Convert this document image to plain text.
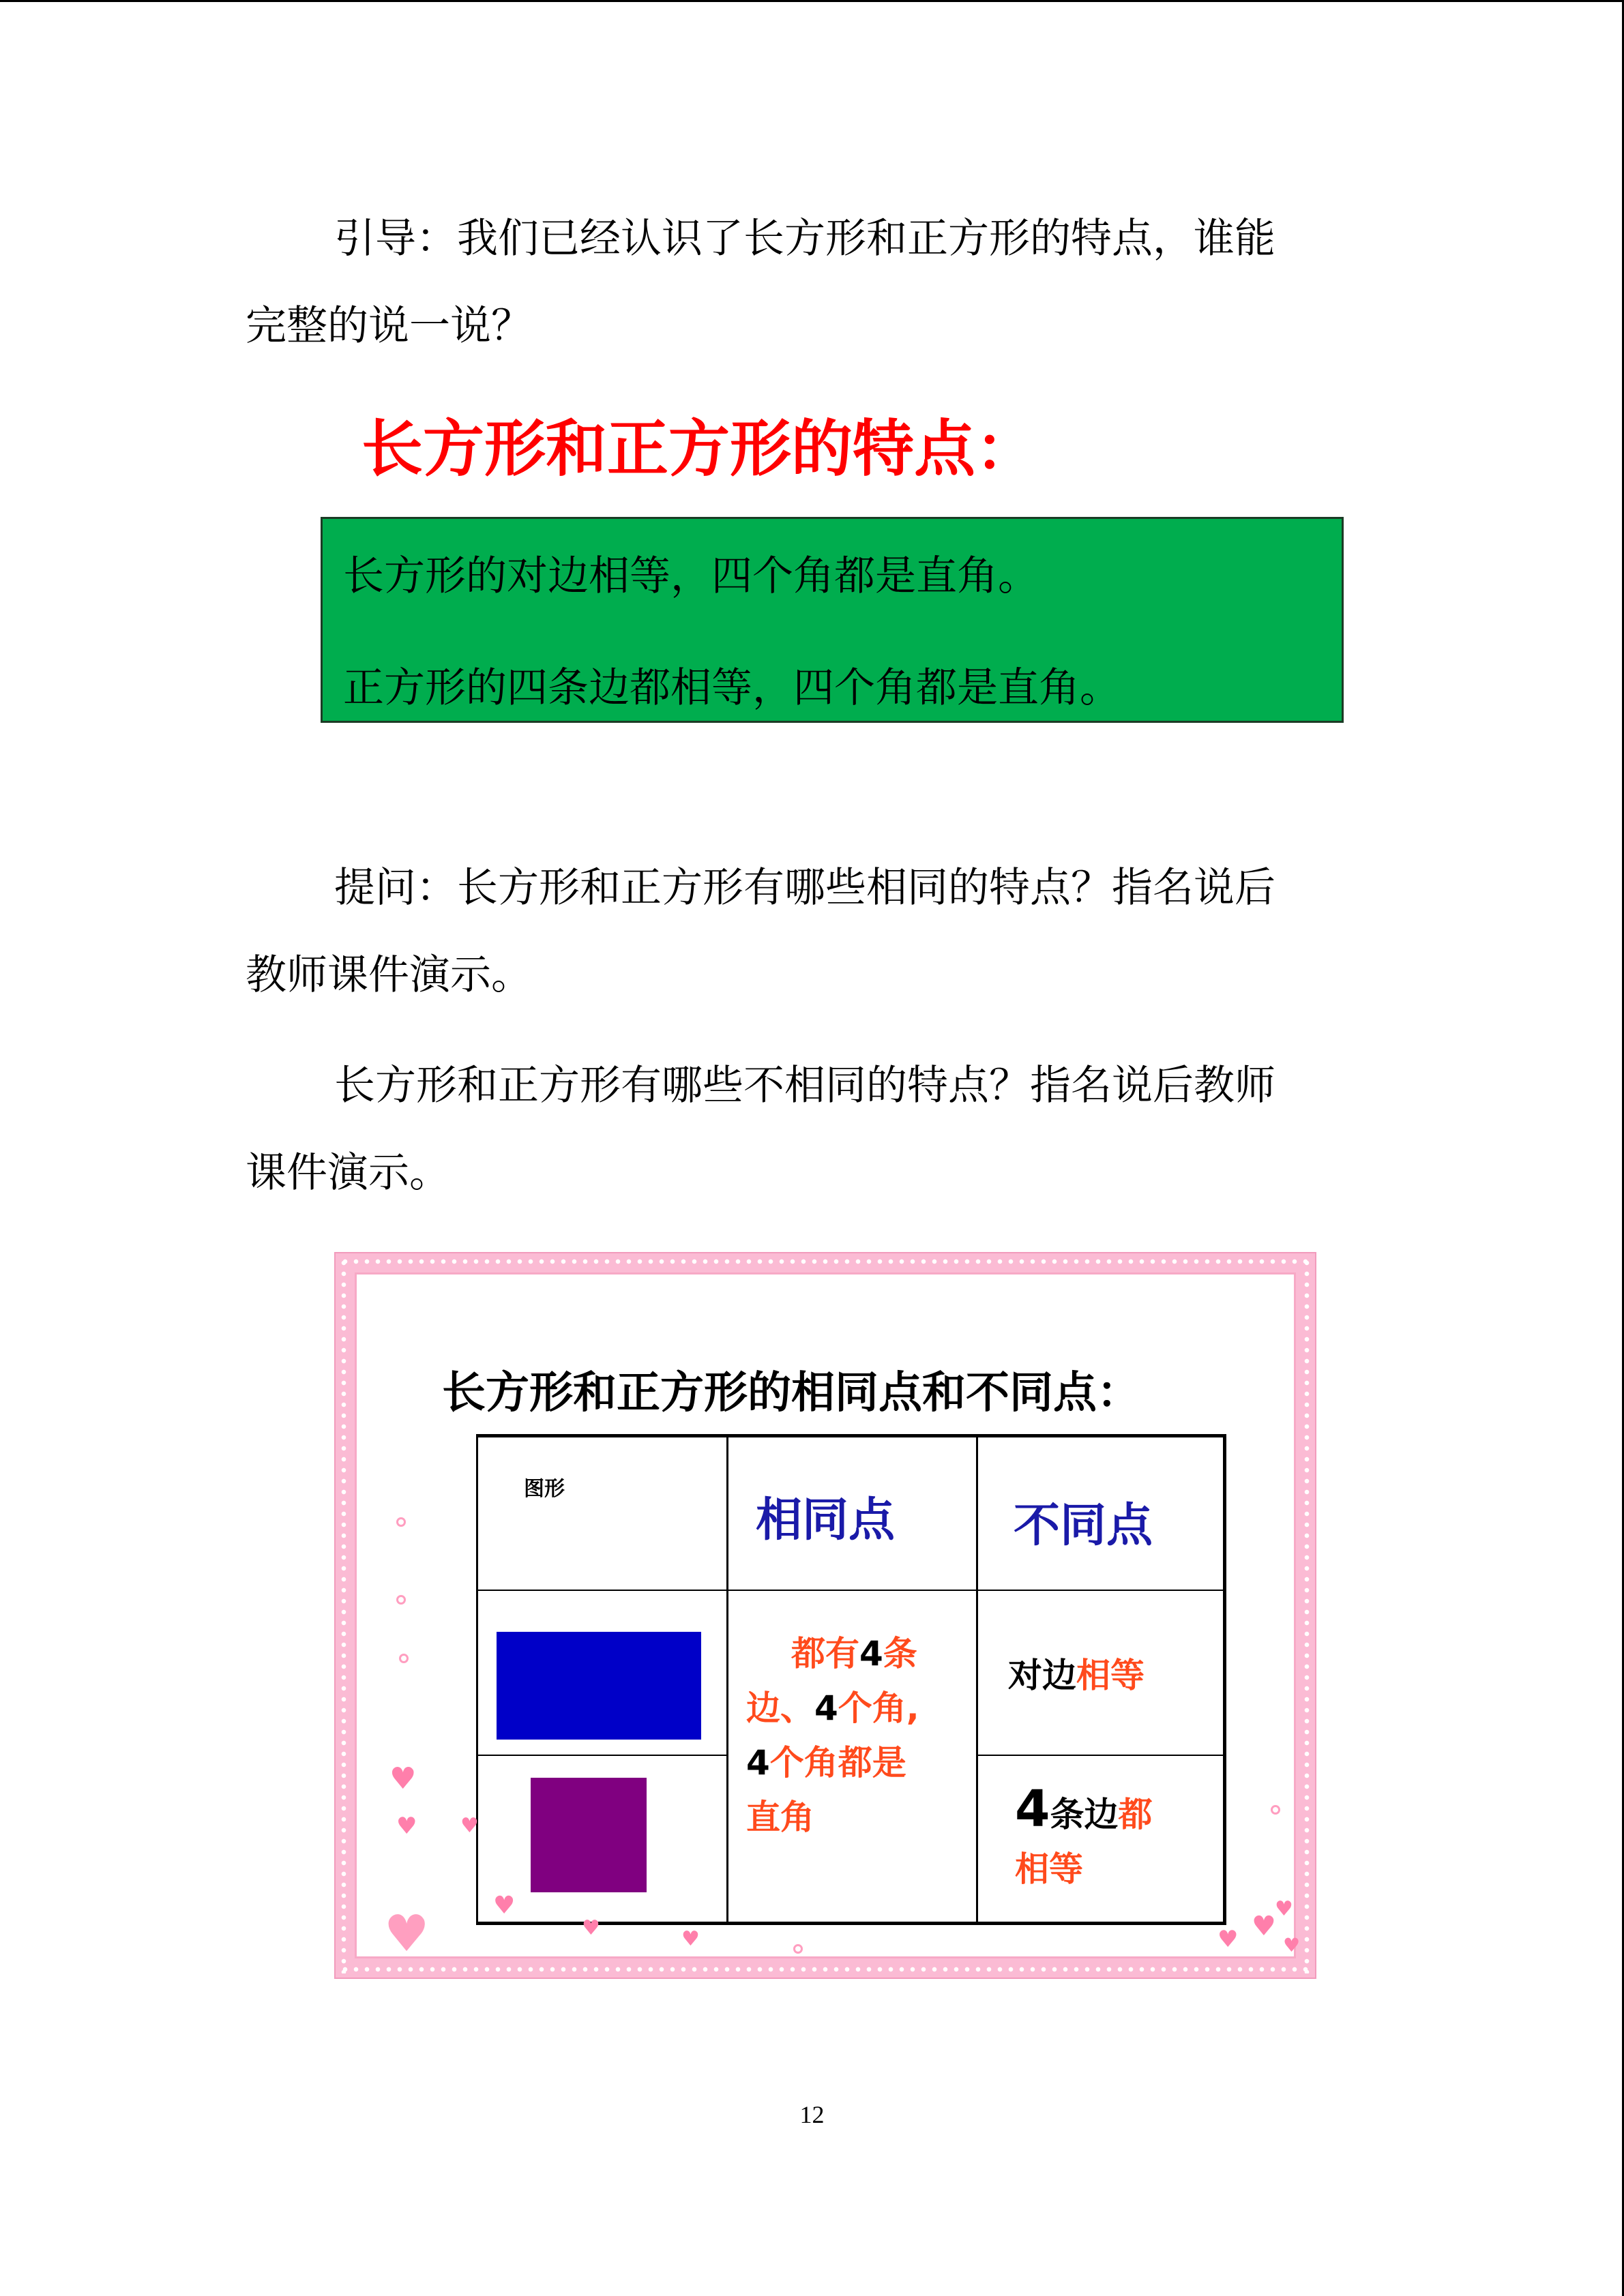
引导：我们已经认识了长方形和正方形的特点，谁能

完整的说一说？

长方形和正方形的特点：

长方形的对边相等，四个角都是直角。
正方形的四条边都相等，四个角都是直角。

提问：长方形和正方形有哪些相同的特点？指名说后

教师课件演示。

长方形和正方形有哪些不相同的特点？指名说后教师

课件演示。

长方形和正方形的相同点和不同点：
图形
相同点	不同点
都有4条
边、4个角,
4个角都是
直角
对边相等
4条边都
相等
♥
♥
♥
♥
♥
♥	♥
♥
♥
♥ ♥
12
